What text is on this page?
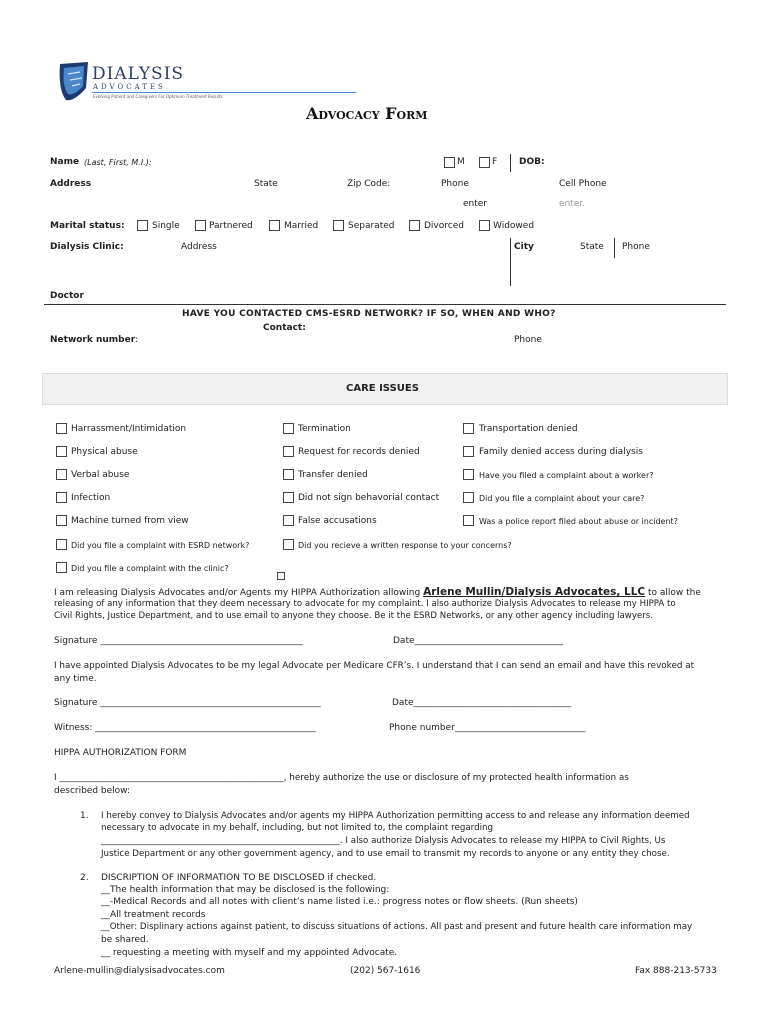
DIALYSIS
ADVOCATES
Evolving Patient and Caregivers For Optimum Treatment Results
Advocacy Form
Name (Last, First, M.I.):	M	F DOB:
Address	State	Zip Code:	Phone	Cell Phone
enter	enter.
Marital status:	Single	Partnered	Married	Separated	Divorced	Widowed
Dialysis Clinic:	Address	City	State Phone
Doctor
HAVE YOU CONTACTED CMS-ESRD NETWORK? IF SO, WHEN AND WHO?
Contact:
Network number:	Phone
CARE ISSUES
Harrassment/Intimidation
Physical abuse
Verbal abuse
Infection
Machine turned from view
Termination
Request for records denied
Transfer denied
Did not sign behavorial contact
False accusations
Transportation denied
Family denied access during dialysis
Have you filed a complaint about a worker?
Did you file a complaint about your care?
Was a police report filed about abuse or incident?
Did you file a complaint with ESRD network?	Did you recieve a written response to your concerns?
Did you file a complaint with the clinic?
I am releasing Dialysis Advocates and/or Agents my HIPPA Authorization allowing Arlene Mullin/Dialysis Advocates, LLC to allow the
releasing of any information that they deem necessary to advocate for my complaint. I also authorize Dialysis Advocates to release my HIPPA to
Civil Rights, Justice Department, and to use email to anyone they choose. Be it the ESRD Networks, or any other agency including lawyers.
Signature _____________________________________________	Date_________________________________
I have appointed Dialysis Advocates to be my legal Advocate per Medicare CFR’s. I understand that I can send an email and have this revoked at
any time.
Signature _________________________________________________	Date___________________________________
Witness: _________________________________________________	Phone number_____________________________
HIPPA AUTHORIZATION FORM
I ___________________________________________________, hereby authorize the use or disclosure of my protected health information as
described below:
1. I hereby convey to Dialysis Advocates and/or agents my HIPPA Authorization permitting access to and release any information deemed
necessary to advocate in my behalf, including, but not limited to, the complaint regarding
_______________________________________________________. I also authorize Dialysis Advocates to release my HIPPA to Civil Rights, Us
Justice Department or any other government agency, and to use email to transmit my records to anyone or any entity they chose.
2. DISCRIPTION OF INFORMATION TO BE DISCLOSED if checked.
__The health information that may be disclosed is the following:
__-Medical Records and all notes with client’s name listed i.e.: progress notes or flow sheets. (Run sheets)
__All treatment records
__Other: Displinary actions against patient, to discuss situations of actions. All past and present and future health care information may
be shared.
__ requesting a meeting with myself and my appointed Advocate.
Arlene-mullin@dialysisadvocates.com	(202) 567-1616	Fax 888-213-5733
